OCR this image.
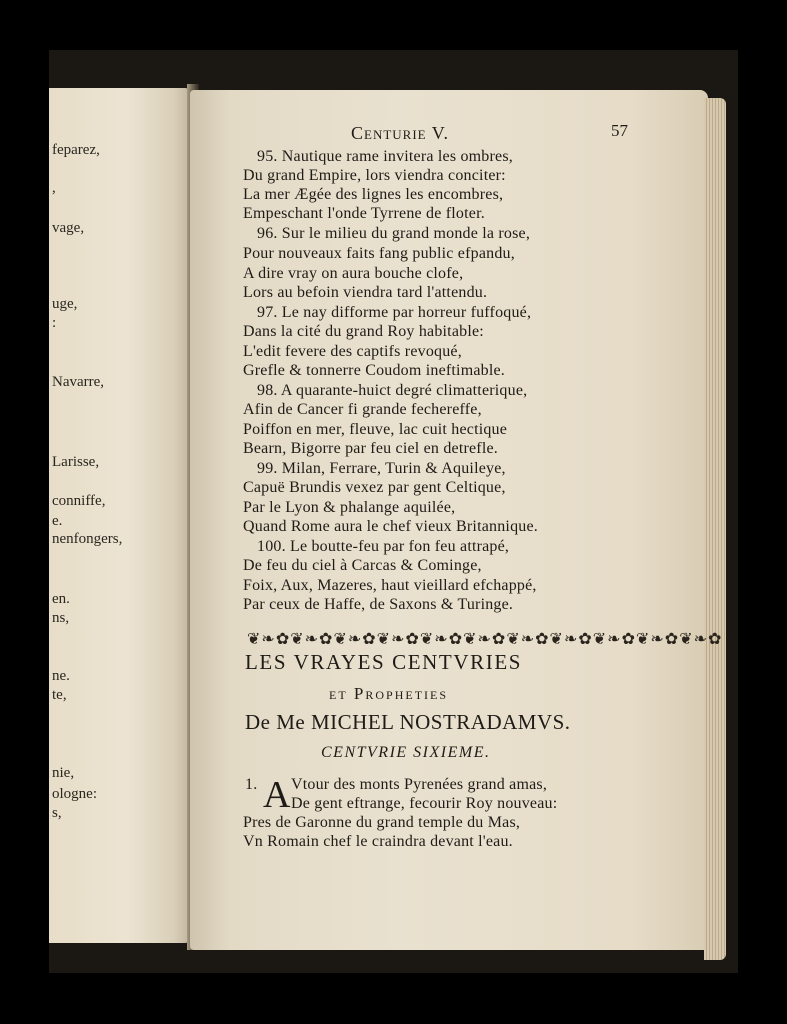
feparez,
,
vage,
uge,
:
Navarre,
Larisse,
conniffe,
e.
nenfongers,
en.
ns,
ne.
te,
nie,
ologne:
s,
Centurie V.	57
95. Nautique rame invitera les ombres,
Du grand Empire, lors viendra conciter:
La mer Ægée des lignes les encombres,
Empeschant l'onde Tyrrene de floter.
96. Sur le milieu du grand monde la rose,
Pour nouveaux faits fang public efpandu,
A dire vray on aura bouche clofe,
Lors au befoin viendra tard l'attendu.
97. Le nay difforme par horreur fuffoqué,
Dans la cité du grand Roy habitable:
L'edit fevere des captifs revoqué,
Grefle & tonnerre Coudom ineftimable.
98. A quarante-huict degré climatterique,
Afin de Cancer fi grande fechereffe,
Poiffon en mer, fleuve, lac cuit hectique
Bearn, Bigorre par feu ciel en detrefle.
99. Milan, Ferrare, Turin & Aquileye,
Capuë Brundis vexez par gent Celtique,
Par le Lyon & phalange aquilée,
Quand Rome aura le chef vieux Britannique.
100. Le boutte-feu par fon feu attrapé,
De feu du ciel à Carcas & Cominge,
Foix, Aux, Mazeres, haut vieillard efchappé,
Par ceux de Haffe, de Saxons & Turinge.
❦❧✿❦❧✿❦❧✿❦❧✿❦❧✿❦❧✿❦❧✿❦❧✿❦❧✿❦❧✿❦❧✿
LES VRAYES CENTVRIES
et Propheties
De Me MICHEL NOSTRADAMVS.
CENTVRIE SIXIEME.
1. A Vtour des monts Pyrenées grand amas,
De gent eftrange, fecourir Roy nouveau:
Pres de Garonne du grand temple du Mas,
Vn Romain chef le craindra devant l'eau.
